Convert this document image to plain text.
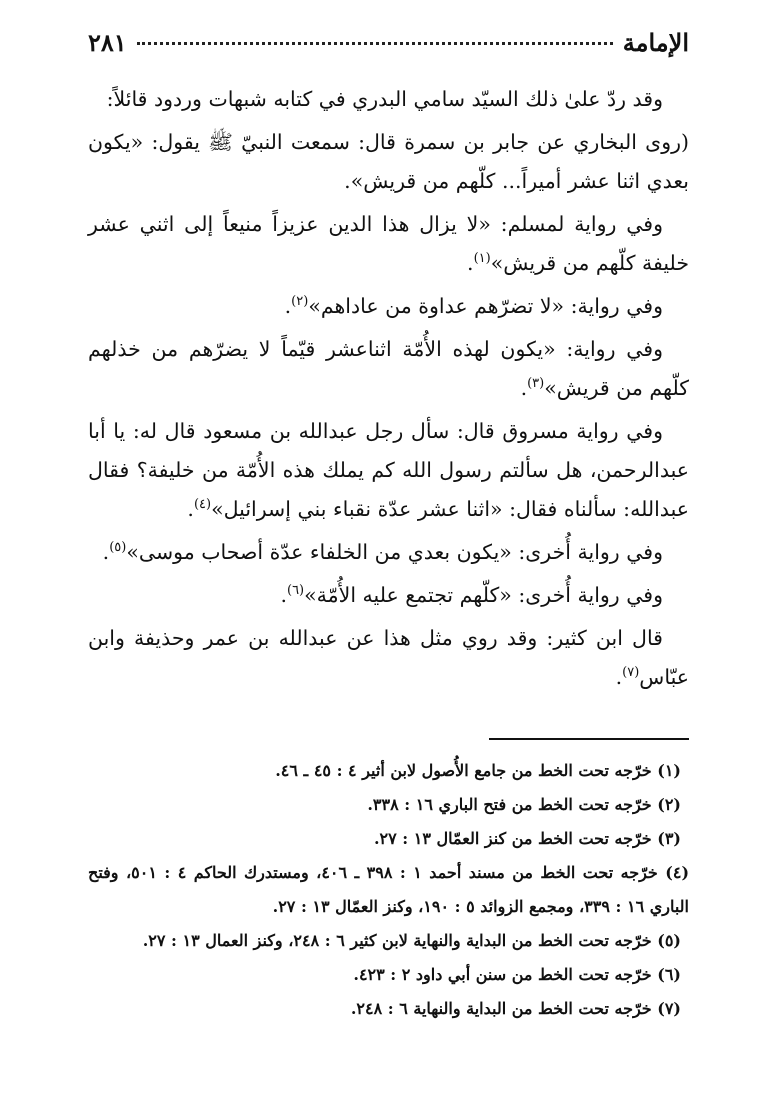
الإمامة
٢٨١

وقد ردّ علىٰ ذلك السيّد سامي البدري في كتابه شبهات وردود قائلاً:

(روى البخاري عن جابر بن سمرة قال: سمعت النبيّ ﷺ يقول: «يكون بعدي اثنا عشر أميراً... كلّهم من قريش».

وفي رواية لمسلم: «لا يزال هذا الدين عزيزاً منيعاً إلى اثني عشر خليفة كلّهم من قريش»$^{(١)}$.

وفي رواية: «لا تضرّهم عداوة من عاداهم»$^{(٢)}$.

وفي رواية: «يكون لهذه الأُمّة اثناعشر قيّماً لا يضرّهم من خذلهم كلّهم من قريش»$^{(٣)}$.

وفي رواية مسروق قال: سأل رجل عبدالله بن مسعود قال له: يا أبا عبدالرحمن، هل سألتم رسول الله كم يملك هذه الأُمّة من خليفة؟ فقال عبدالله: سألناه فقال: «اثنا عشر عدّة نقباء بني إسرائيل»$^{(٤)}$.

وفي رواية أُخرى: «يكون بعدي من الخلفاء عدّة أصحاب موسى»$^{(٥)}$.

وفي رواية أُخرى: «كلّهم تجتمع عليه الأُمّة»$^{(٦)}$.

قال ابن كثير: وقد روي مثل هذا عن عبدالله بن عمر وحذيفة وابن عبّاس$^{(٧)}$.

(١) خرّجه تحت الخط من جامع الأُصول لابن أثير ٤ : ٤٥ ـ ٤٦.

(٢) خرّجه تحت الخط من فتح الباري ١٦ : ٣٣٨.

(٣) خرّجه تحت الخط من كنز العمّال ١٣ : ٢٧.

(٤) خرّجه تحت الخط من مسند أحمد ١ : ٣٩٨ ـ ٤٠٦، ومستدرك الحاكم ٤ : ٥٠١، وفتح الباري ١٦ : ٣٣٩، ومجمع الزوائد ٥ : ١٩٠، وكنز العمّال ١٣ : ٢٧.

(٥) خرّجه تحت الخط من البداية والنهاية لابن كثير ٦ : ٢٤٨، وكنز العمال ١٣ : ٢٧.

(٦) خرّجه تحت الخط من سنن أبي داود ٢ : ٤٢٣.

(٧) خرّجه تحت الخط من البداية والنهاية ٦ : ٢٤٨.
